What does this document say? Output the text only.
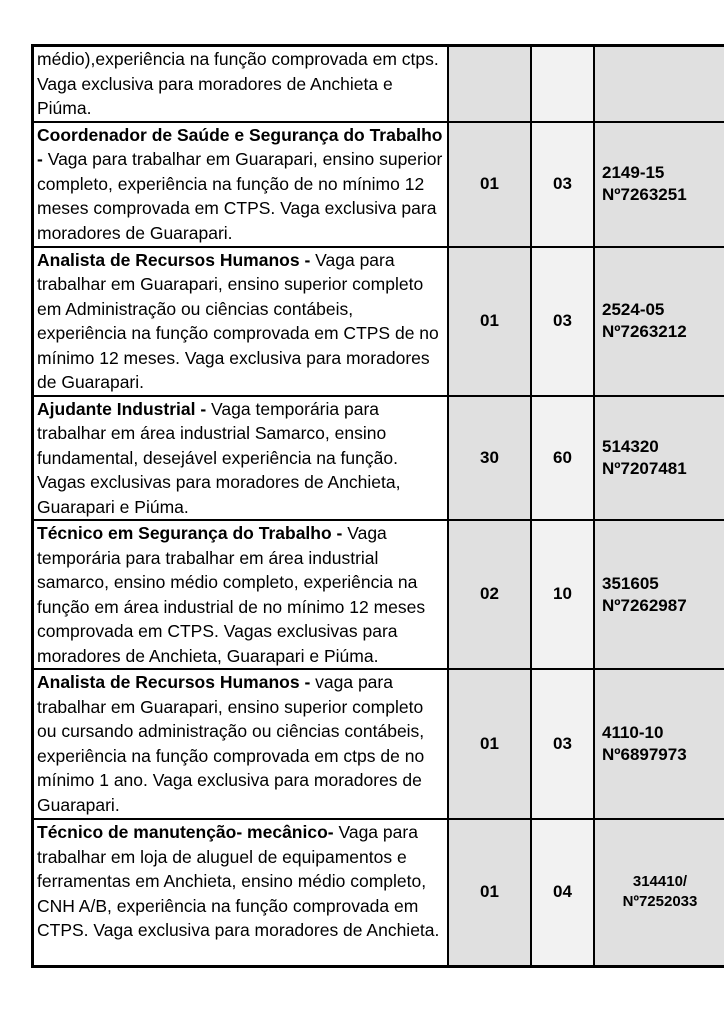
médio),experiência na função comprovada em ctps. Vaga exclusiva para moradores de Anchieta e Piúma.			

Coordenador de Saúde e Segurança do Trabalho - Vaga para trabalhar em Guarapari, ensino superior completo, experiência na função de no mínimo 12 meses comprovada em CTPS. Vaga exclusiva para moradores de Guarapari.	01	03	2149-15
Nº7263251

Analista de Recursos Humanos - Vaga para trabalhar em Guarapari, ensino superior completo em Administração ou ciências contábeis, experiência na função comprovada em CTPS de no mínimo 12 meses. Vaga exclusiva para moradores de Guarapari.	01	03	2524-05
Nº7263212

Ajudante Industrial - Vaga temporária para trabalhar em área industrial Samarco, ensino fundamental, desejável experiência na função. Vagas exclusivas para moradores de Anchieta, Guarapari e Piúma.	30	60	514320
Nº7207481

Técnico em Segurança do Trabalho - Vaga temporária para trabalhar em área industrial samarco, ensino médio completo, experiência na função em área industrial de no mínimo 12 meses comprovada em CTPS. Vagas exclusivas para moradores de Anchieta, Guarapari e Piúma.	02	10	351605
Nº7262987

Analista de Recursos Humanos - vaga para trabalhar em Guarapari, ensino superior completo ou cursando administração ou ciências contábeis, experiência na função comprovada em ctps de no mínimo 1 ano. Vaga exclusiva para moradores de Guarapari.	01	03	4110-10
Nº6897973

Técnico de manutenção- mecânico- Vaga para trabalhar em loja de aluguel de equipamentos e ferramentas em Anchieta, ensino médio completo, CNH A/B, experiência na função comprovada em CTPS. Vaga exclusiva para moradores de Anchieta.	01	04	314410/
Nº7252033
